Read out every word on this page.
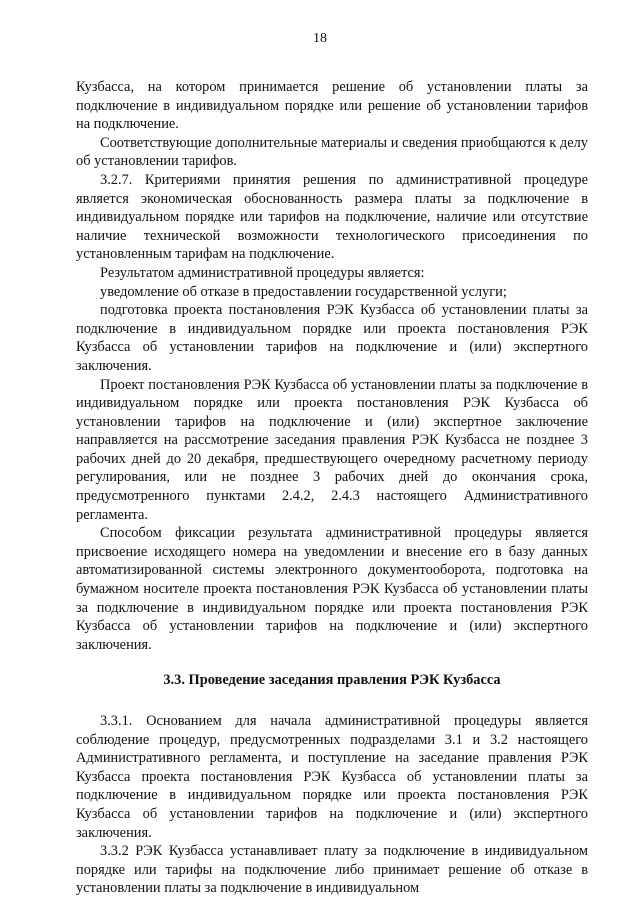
18

Кузбасса, на котором принимается решение об установлении платы за подключение в индивидуальном порядке или решение об установлении тарифов на подключение.

Соответствующие дополнительные материалы и сведения приобщаются к делу об установлении тарифов.

3.2.7. Критериями принятия решения по административной процедуре является экономическая обоснованность размера платы за подключение в индивидуальном порядке или тарифов на подключение, наличие или отсутствие наличие технической возможности технологического присоединения по установленным тарифам на подключение.

Результатом административной процедуры является:

уведомление об отказе в предоставлении государственной услуги;

подготовка проекта постановления РЭК Кузбасса об установлении платы за подключение в индивидуальном порядке или проекта постановления РЭК Кузбасса об установлении тарифов на подключение и (или) экспертного заключения.

Проект постановления РЭК Кузбасса об установлении платы за подключение в индивидуальном порядке или проекта постановления РЭК Кузбасса об установлении тарифов на подключение и (или) экспертное заключение направляется на рассмотрение заседания правления РЭК Кузбасса не позднее 3 рабочих дней до 20 декабря, предшествующего очередному расчетному периоду регулирования, или не позднее 3 рабочих дней до окончания срока, предусмотренного пунктами 2.4.2, 2.4.3 настоящего Административного регламента.

Способом фиксации результата административной процедуры является присвоение исходящего номера на уведомлении и внесение его в базу данных автоматизированной системы электронного документооборота, подготовка на бумажном носителе проекта постановления РЭК Кузбасса об установлении платы за подключение в индивидуальном порядке или проекта постановления РЭК Кузбасса об установлении тарифов на подключение и (или) экспертного заключения.

3.3. Проведение заседания правления РЭК Кузбасса

3.3.1. Основанием для начала административной процедуры является соблюдение процедур, предусмотренных подразделами 3.1 и 3.2 настоящего Административного регламента, и поступление на заседание правления РЭК Кузбасса проекта постановления РЭК Кузбасса об установлении платы за подключение в индивидуальном порядке или проекта постановления РЭК Кузбасса об установлении тарифов на подключение и (или) экспертного заключения.

3.3.2 РЭК Кузбасса устанавливает плату за подключение в индивидуальном порядке или тарифы на подключение либо принимает решение об отказе в установлении платы за подключение в индивидуальном
